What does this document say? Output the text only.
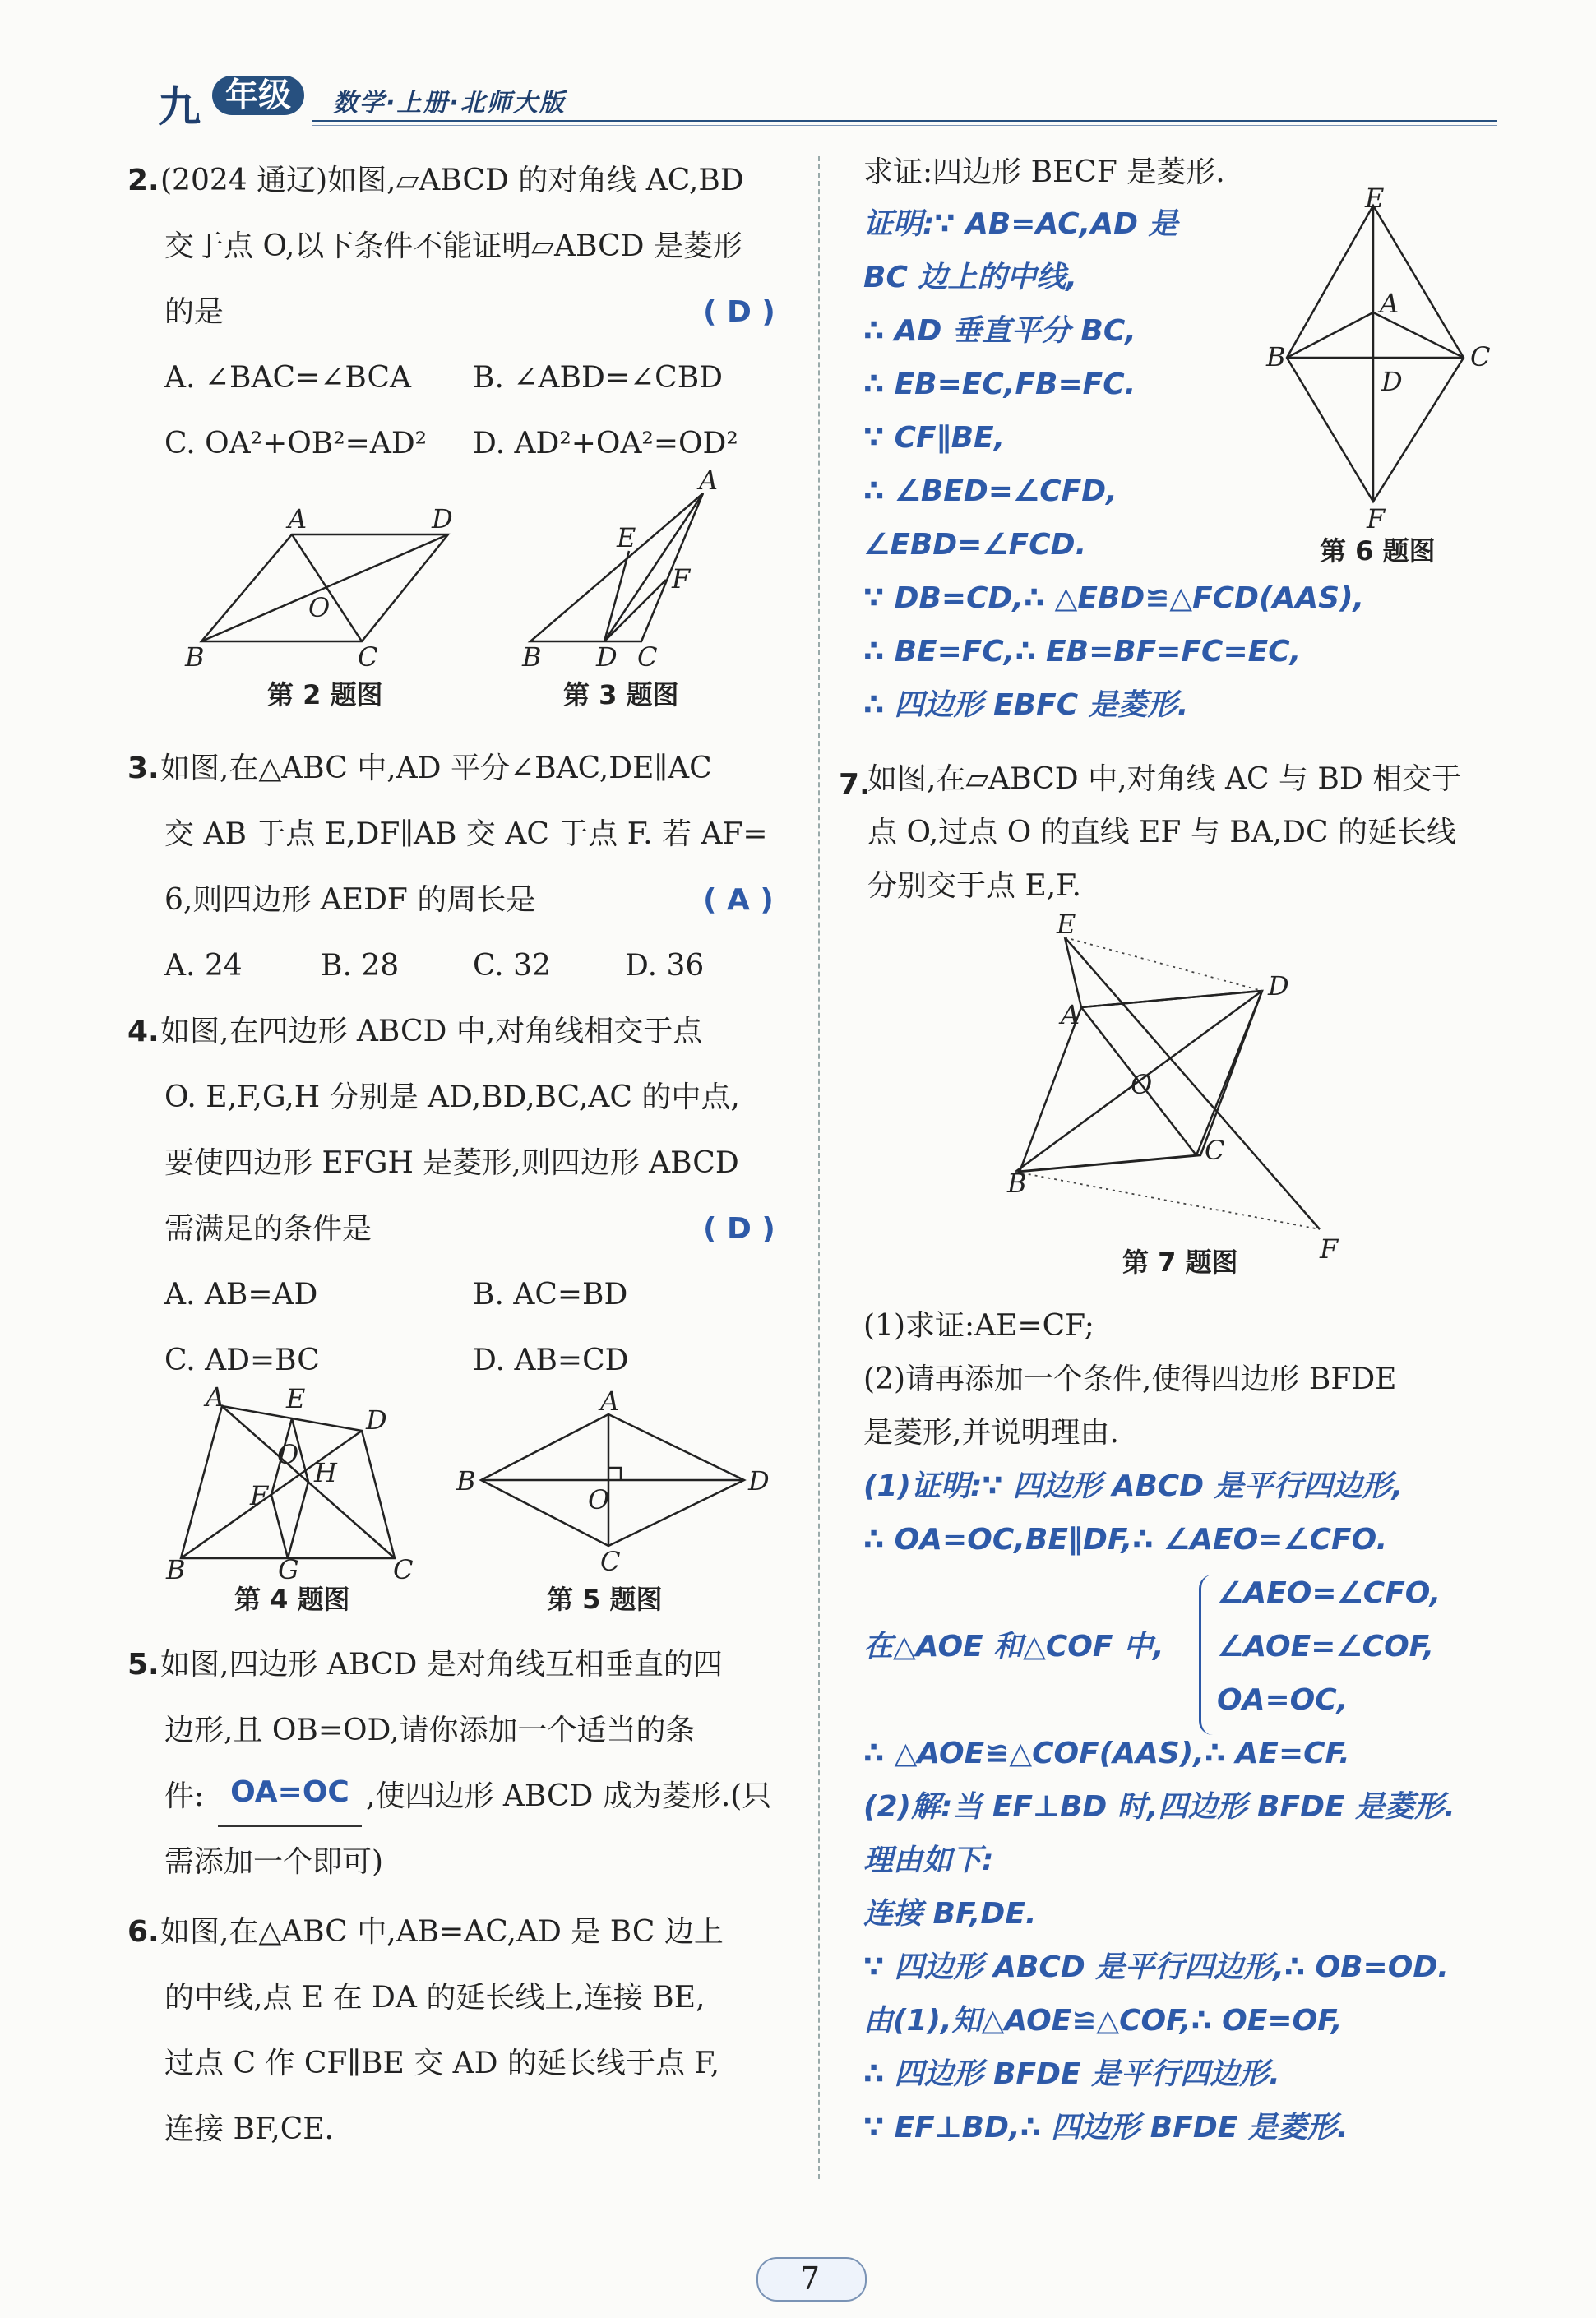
九 年级	数学·上册·北师大版
2. (2024 通辽)如图,▱ABCD 的对角线 AC,BD
交于点 O,以下条件不能证明▱ABCD 是菱形
的是	( D )
A. ∠BAC=∠BCA B. ∠ABD=∠CBD
C. OA²+OB²=AD² D. AD²+OA²=OD²
A	D
O
B	C
第 2 题图
A
E
F
B D C
第 3 题图
3. 如图,在△ABC 中,AD 平分∠BAC,DE∥AC
交 AB 于点 E,DF∥AB 交 AC 于点 F. 若 AF=
6,则四边形 AEDF 的周长是	( A )
A. 24	B. 28 C. 32	D. 36
4. 如图,在四边形 ABCD 中,对角线相交于点
O. E,F,G,H 分别是 AD,BD,BC,AC 的中点,
要使四边形 EFGH 是菱形,则四边形 ABCD
需满足的条件是	( D )
A. AB=AD	B. AC=BD
C. AD=BC	D. AB=CD
A E
D
O
F
H
B	G	C
第 4 题图
A
B	D
O
C
第 5 题图
5. 如图,四边形 ABCD 是对角线互相垂直的四
边形,且 OB=OD,请你添加一个适当的条
件: OA=OC ,使四边形 ABCD 成为菱形.(只
需添加一个即可)
6. 如图,在△ABC 中,AB=AC,AD 是 BC 边上
的中线,点 E 在 DA 的延长线上,连接 BE,
过点 C 作 CF∥BE 交 AD 的延长线于点 F,
连接 BF,CE.
求证:四边形 BECF 是菱形.
证明:∵ AB=AC,AD 是
BC 边上的中线,
∴ AD 垂直平分 BC,
∴ EB=EC,FB=FC.
∵ CF∥BE,
∴ ∠BED=∠CFD,
∠EBD=∠FCD.
∵ DB=CD,∴ △EBD≌△FCD(AAS),
∴ BE=FC,∴ EB=BF=FC=EC,
∴ 四边形 EBFC 是菱形.
E
A
B	C
D
F
第 6 题图
7.
如图,在▱ABCD 中,对角线 AC 与 BD 相交于
点 O,过点 O 的直线 EF 与 BA,DC 的延长线
分别交于点 E,F.
E
D
A
O
C
B
F
第 7 题图
(1)求证:AE=CF;
(2)请再添加一个条件,使得四边形 BFDE
是菱形,并说明理由.
(1)证明:∵ 四边形 ABCD 是平行四边形,
∴ OA=OC,BE∥DF,∴ ∠AEO=∠CFO.
在△AOE 和△COF 中,
∠AEO=∠CFO,
∠AOE=∠COF,
OA=OC,
∴ △AOE≌△COF(AAS),∴ AE=CF.
(2)解:当 EF⊥BD 时,四边形 BFDE 是菱形.
理由如下:
连接 BF,DE.
∵ 四边形 ABCD 是平行四边形,∴ OB=OD.
由(1),知△AOE≌△COF,∴ OE=OF,
∴ 四边形 BFDE 是平行四边形.
∵ EF⊥BD,∴ 四边形 BFDE 是菱形.
7
